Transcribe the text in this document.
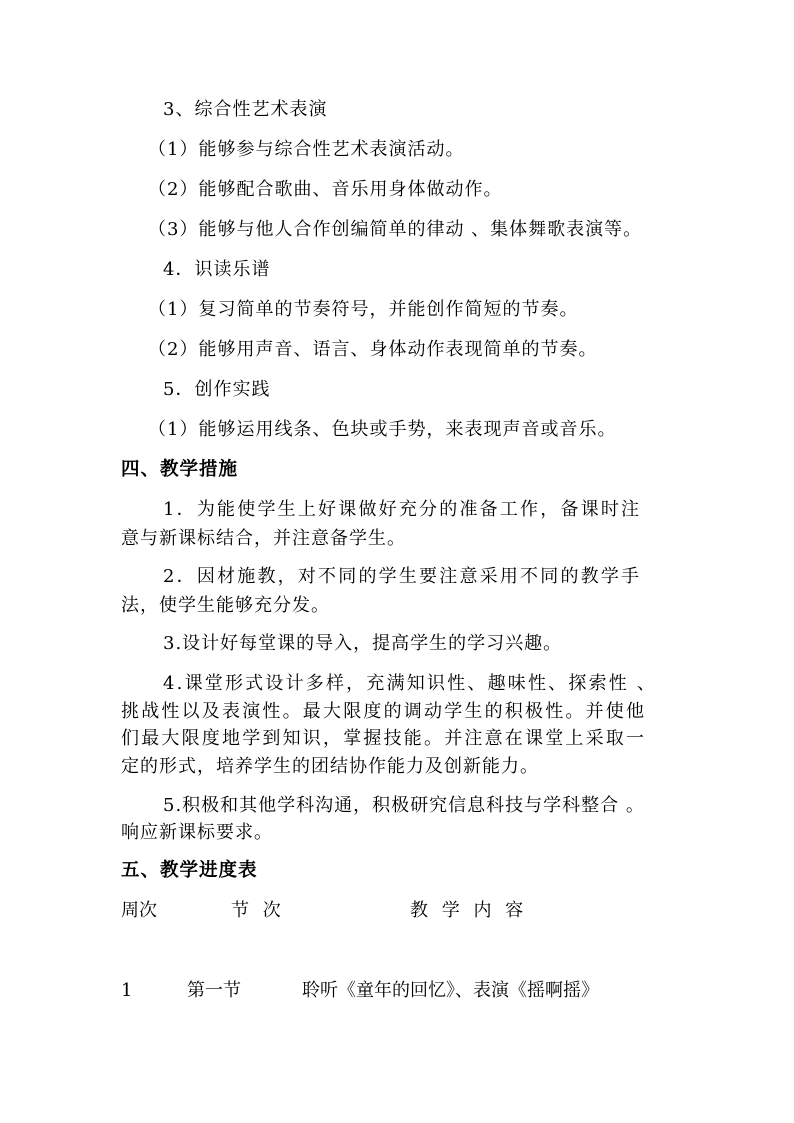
3、综合性艺术表演
（1）能够参与综合性艺术表演活动。
（2）能够配合歌曲、音乐用身体做动作。
（3）能够与他人合作创编简单的律动 、集体舞歌表演等。
4．识读乐谱
（1）复习简单的节奏符号，并能创作简短的节奏。
（2）能够用声音、语言、身体动作表现简单的节奏。
5．创作实践
（1）能够运用线条、色块或手势，来表现声音或音乐。
四、教学措施
1．为能使学生上好课做好充分的准备工作，备课时注
意与新课标结合，并注意备学生。
2．因材施教，对不同的学生要注意采用不同的教学手
法，使学生能够充分发。
3.设计好每堂课的导入，提高学生的学习兴趣。
4.课堂形式设计多样，充满知识性、趣味性、探索性 、
挑战性以及表演性。最大限度的调动学生的积极性。并使他
们最大限度地学到知识，掌握技能。并注意在课堂上采取一
定的形式，培养学生的团结协作能力及创新能力。
5.积极和其他学科沟通，积极研究信息科技与学科整合 。
响应新课标要求。
五、教学进度表
周次	节 次	教 学 内 容
1	第一节	聆听《童年的回忆》、表演《摇啊摇》
